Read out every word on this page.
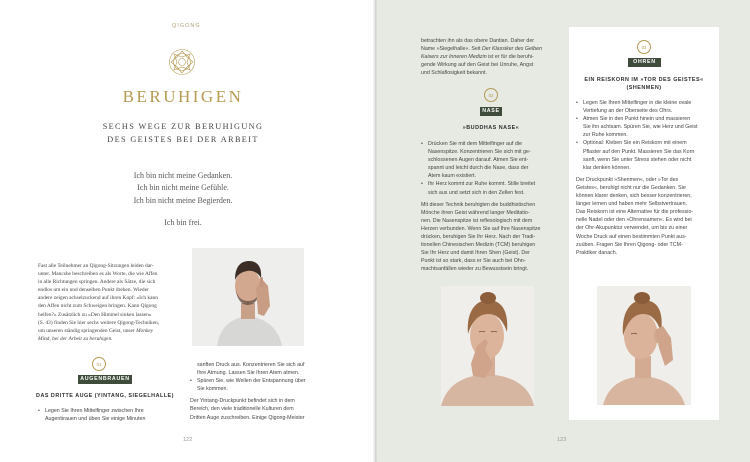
QIGONG
BERUHIGEN
SECHS WEGE ZUR BERUHIGUNG
DES GEISTES BEI DER ARBEIT
Ich bin nicht meine Gedanken.
Ich bin nicht meine Gefühle.
Ich bin nicht meine Begierden.
Ich bin frei.
Fast alle Teilnehmer an Qigong-Sitzungen leiden dar-
unter. Mancshe beschreiben es als Worte, die wie Affen
in alle Richtungen springen. Andere als Sätze, die sich
endlos um ein und denselben Punkt drehen. Wieder
andere zeigen achselzuckend auf ihren Kopf: »Ich kann
den Affen nicht zum Schweigen bringen. Kann Qigong
helfen?« Zusätzlich zu »Den Himmel sinken lassen«
(S. 43) finden Sie hier sechs weitere Qigong-Techniken,
um unseren ständig springenden Geist, unser Monkey
Mind, bei der Arbeit zu beruhigen.
01
AUGENBRAUEN
DAS DRITTE AUGE (YINTANG, SIEGELHALLE)
• Legen Sie Ihren Mittelfinger zwischen Ihre
Augenbrauen und üben Sie einige Minuten
sanften Druck aus. Konzentrieren Sie sich auf
Ihre Atmung. Lassen Sie Ihren Atem atmen.
• Spüren Sie, wie Wellen der Entspannung über
Sie kommen.
Der Yintang-Druckpunkt befindet sich in dem
Bereich, den viele traditionelle Kulturen dem
Dritten Auge zuschreiben. Einige Qigong-Meister
122
betrachten ihn als das obere Dantian. Daher der
Name »Siegelhalle«. Seit Der Klassiker des Gelben
Kaisers zur Inneren Medizin ist er für die beruhi-
gende Wirkung auf den Geist bei Unruhe, Angst
und Schlaflosigkeit bekannt.
02
NASE
»BUDDHAS NASE«
• Drücken Sie mit dem Mittelfinger auf die
Nasenspitze. Konzentrieren Sie sich mit ge-
schlossenen Augen darauf. Atmen Sie ent-
spannt und leicht durch die Nase, dass der
Atem kaum existiert.
• Ihr Herz kommt zur Ruhe kommt. Stille breitet
sich aus und setzt sich in den Zellen fest.
Mit dieser Technik beruhigten die buddhistischen
Mönche ihren Geist während langer Meditatio-
nen. Die Nasenspitze ist reflexologisch mit dem
Herzen verbunden. Wenn Sie auf Ihre Nasenspitze
drücken, beruhigen Sie Ihr Herz. Nach der Tradi-
tionellen Chinesischen Medizin (TCM) beruhigen
Sie Ihr Herz und damit Ihren Shen (Geist). Der
Punkt ist so stark, dass er Sie auch bei Ohn-
machtsanfällen wieder zu Bewusstsein bringt.
03
OHREN
EIN REISKORN IM »TOR DES GEISTES«
(SHENMEN)
• Legen Sie Ihren Mittelfinger in die kleine ovale
Vertiefung an der Oberseite des Ohrs.
• Atmen Sie in den Punkt hinein und massieren
Sie ihn achtsam. Spüren Sie, wie Herz und Geist
zur Ruhe kommen.
• Optional: Kleben Sie ein Reiskorn mit einem
Pflaster auf den Punkt. Massieren Sie das Korn
sanft, wenn Sie unter Stress stehen oder nicht
klar denken können.
Der Druckpunkt »Shenmen«, oder »Tor des
Geistes«, beruhigt nicht nur die Gedanken. Sie
können klarer denken, sich besser konzentrieren,
länger lernen und haben mehr Selbstvertrauen.
Das Reiskorn ist eine Alternative für die professio-
nelle Nadel oder den »Ohrensamen«. Es wird bei
der Ohr-Akupunktur verwendet, um bis zu einer
Woche Druck auf einen bestimmten Punkt aus-
zuüben. Fragen Sie Ihren Qigong- oder TCM-
Praktiker danach.
123
